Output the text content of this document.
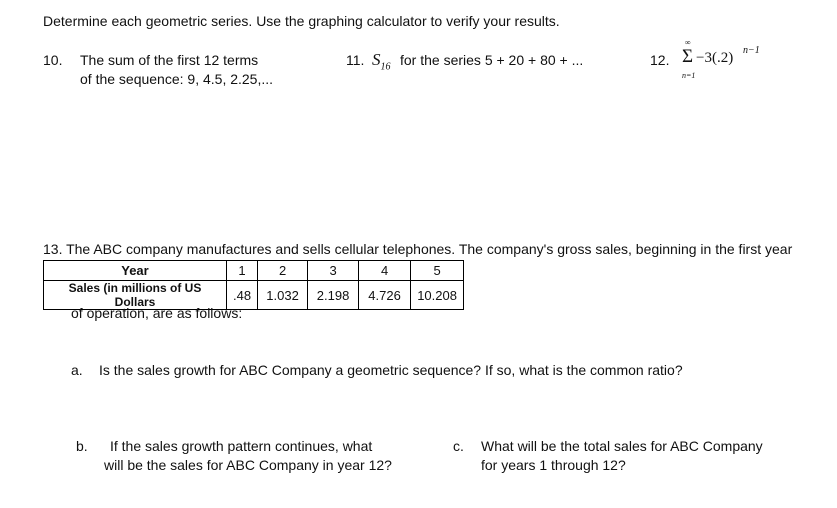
Determine each geometric series. Use the graphing calculator to verify your results.
10. The sum of the first 12 terms
of the sequence: 9, 4.5, 2.25,...
11. $S_{16}$ for the series 5 + 20 + 80 + ...	12.
∞
Σ
n=1
−3(.2) n−1
13. The ABC company manufactures and sells cellular telephones. The company's gross sales, beginning in the first year
Year	1	2	3	4	5
Sales (in millions of US Dollars	.48	1.032	2.198	4.726	10.208
of operation, are as follows:
a. Is the sales growth for ABC Company a geometric sequence? If so, what is the common ratio?
b. If the sales growth pattern continues, what
will be the sales for ABC Company in year 12?
c. What will be the total sales for ABC Company
for years 1 through 12?
